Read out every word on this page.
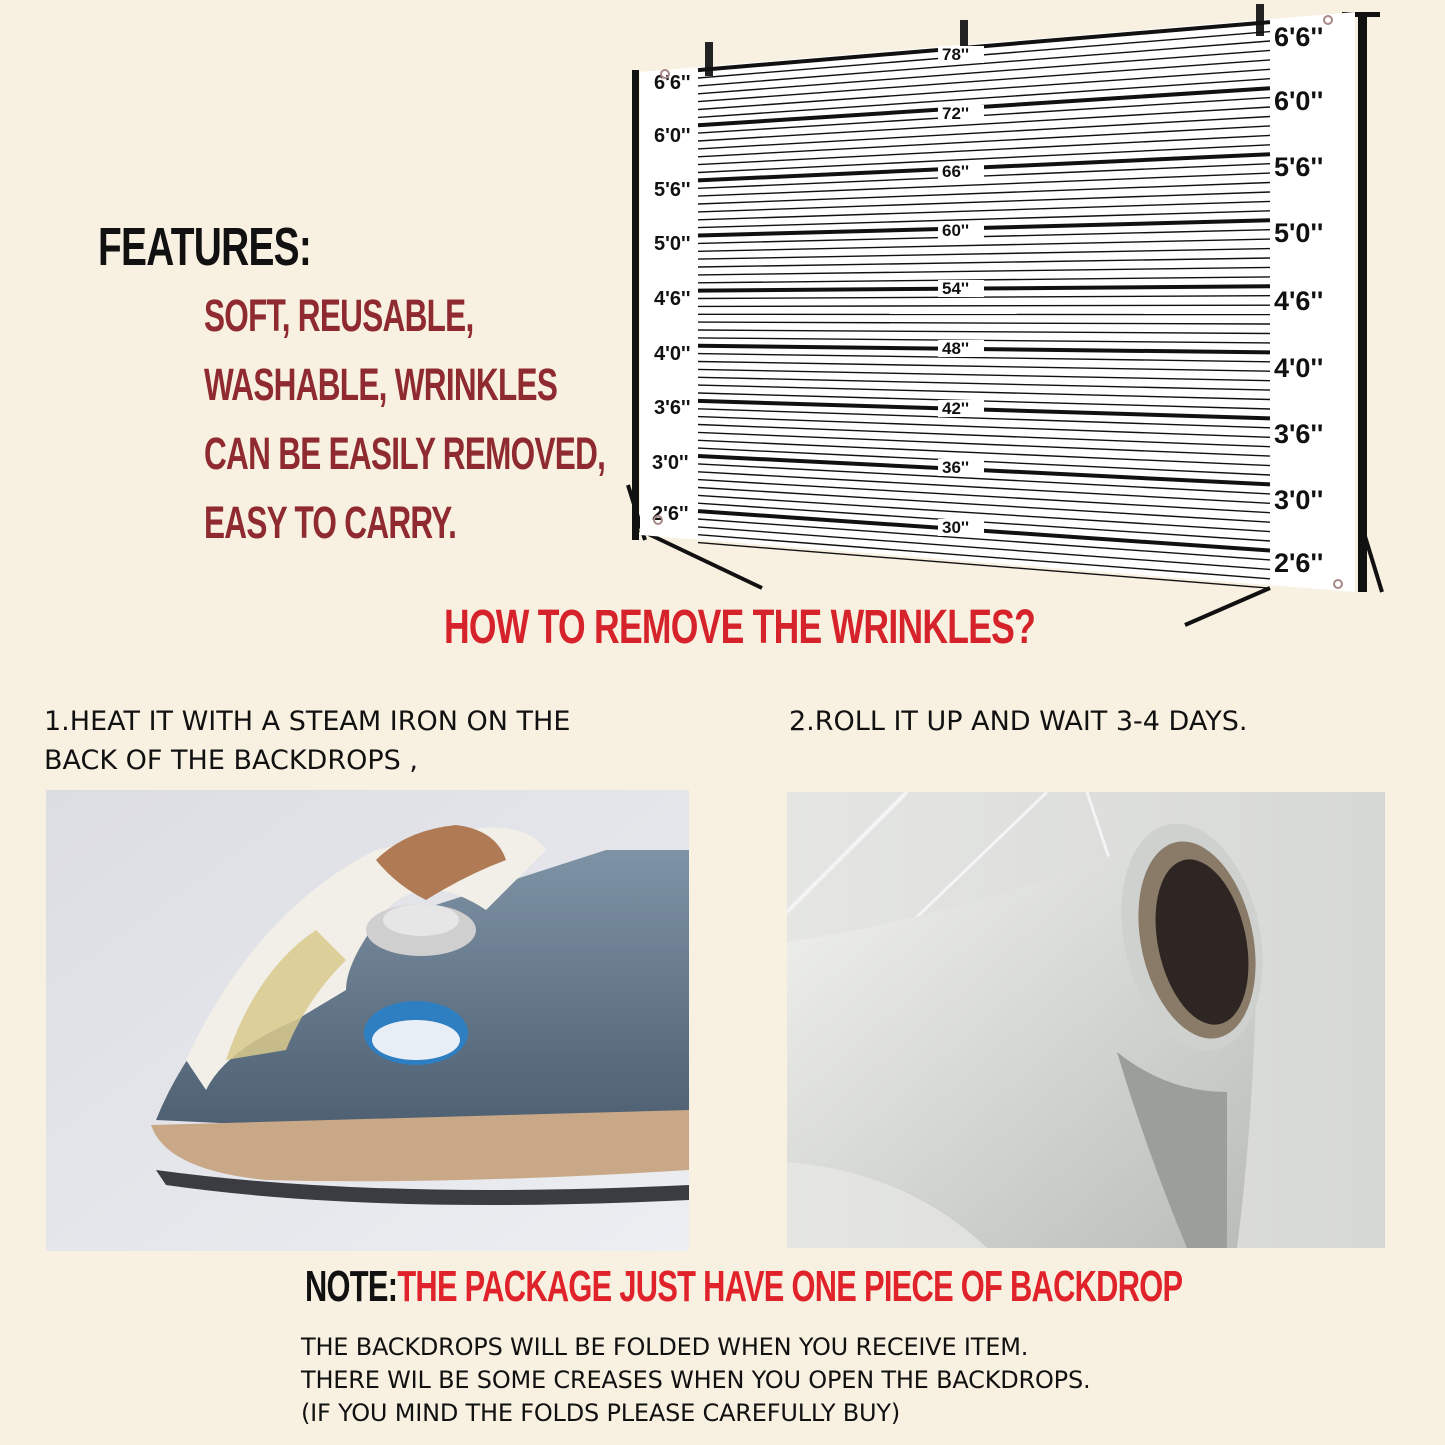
FEATURES:
SOFT, REUSABLE,
WASHABLE, WRINKLES
CAN BE EASILY REMOVED,
EASY TO CARRY.
6'6''
6'0''
5'6''
5'0''
4'6''
4'0''
3'6''
3'0''
2'6''
6'6''
6'0''
5'6''
5'0''
4'6''
4'0''
3'6''
3'0''
2'6''
78''
72''
66''
60''
54''
48''
42''
36''
30''
HOW TO REMOVE THE WRINKLES?
1.HEAT IT WITH A STEAM IRON ON THE
BACK OF THE BACKDROPS ,
2.ROLL IT UP AND WAIT 3-4 DAYS.
NOTE:THE PACKAGE JUST HAVE ONE PIECE OF BACKDROP
THE BACKDROPS WILL BE FOLDED WHEN YOU RECEIVE ITEM.
THERE WIL BE SOME CREASES WHEN YOU OPEN THE BACKDROPS.
(IF YOU MIND THE FOLDS PLEASE CAREFULLY BUY)
